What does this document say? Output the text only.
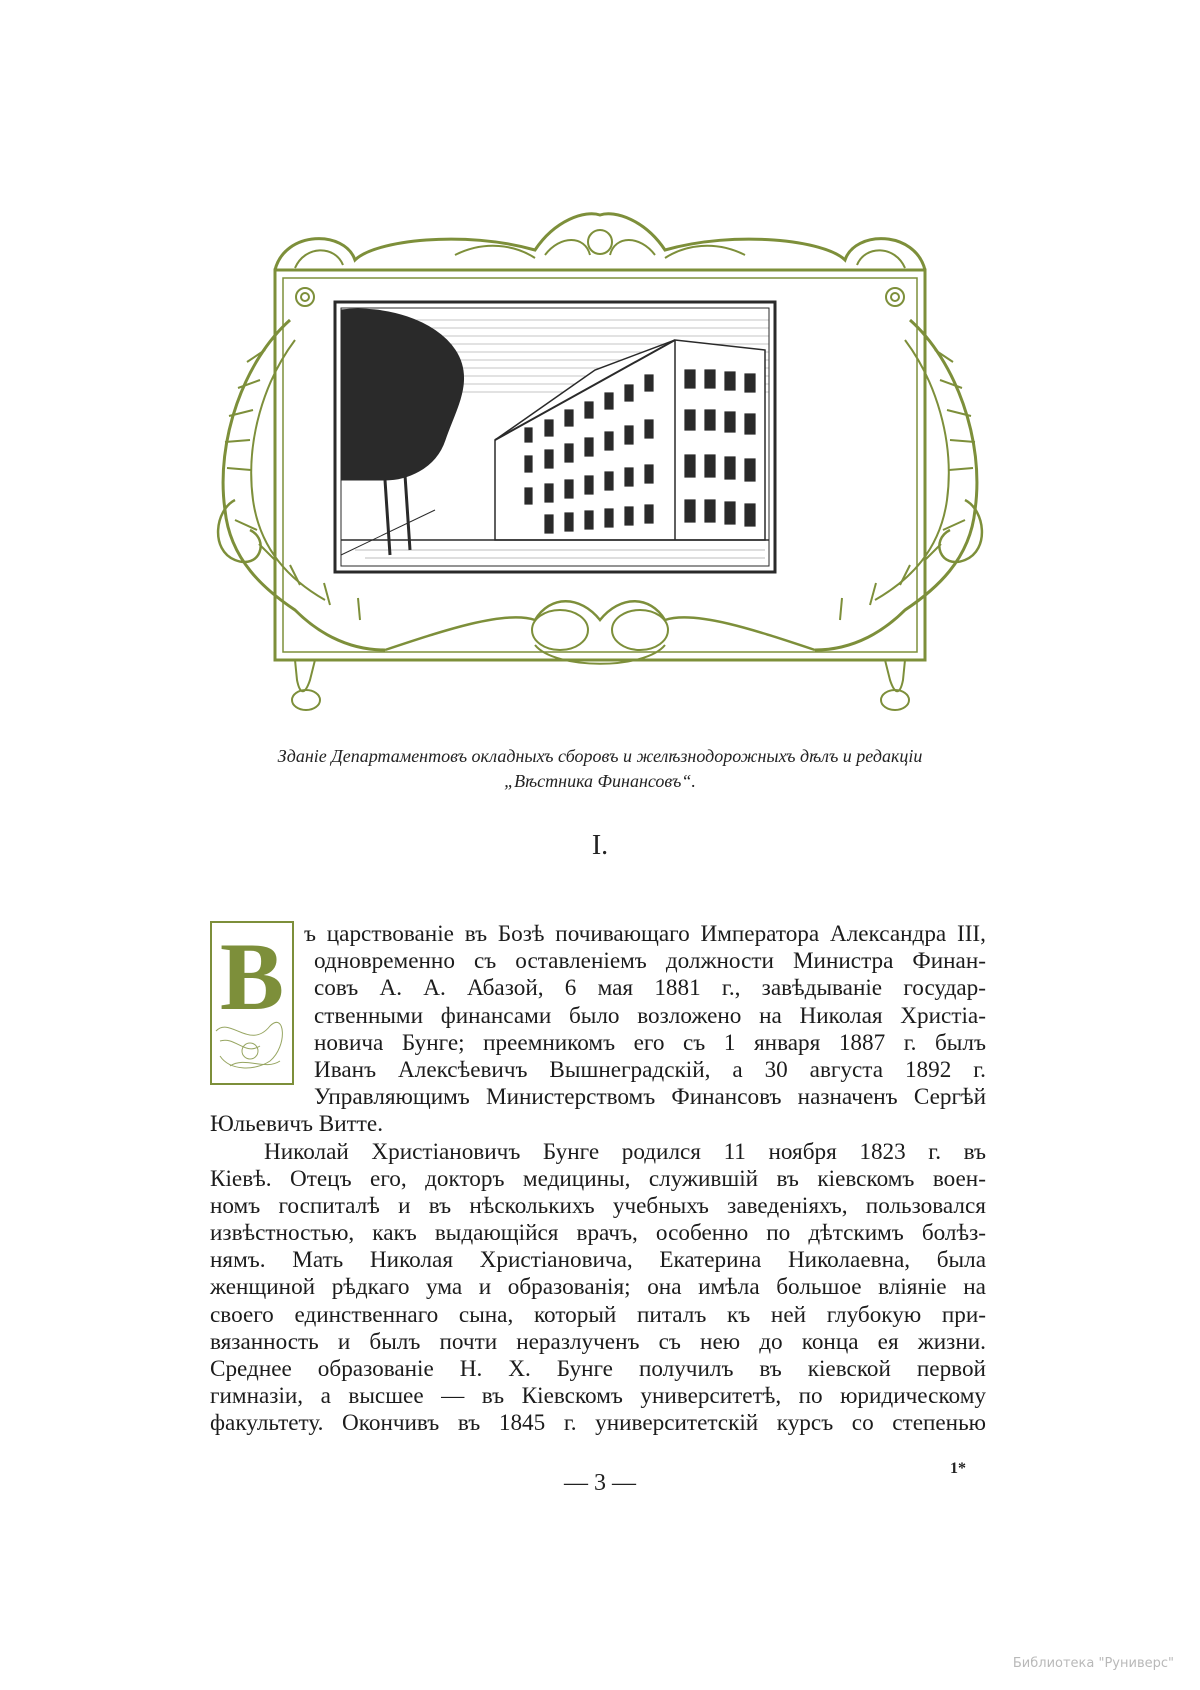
Зданіе Департаментовъ окладныхъ сборовъ и желѣзнодорожныхъ дѣлъ и редакціи
„Вѣстника Финансовъ“.
I.
В ъ царствованіе въ Бозѣ почивающаго Императора Александра III,
одновременно съ оставленіемъ должности Министра Финан-
совъ А. А. Абазой, 6 мая 1881 г., завѣдываніе государ-
ственными финансами было возложено на Николая Христіа-
новича Бунге; преемникомъ его съ 1 января 1887 г. былъ
Иванъ Алексѣевичъ Вышнеградскій, а 30 августа 1892 г.
Управляющимъ Министерствомъ Финансовъ назначенъ Сергѣй
Юльевичъ Витте.
Николай Христіановичъ Бунге родился 11 ноября 1823 г. въ
Кіевѣ. Отецъ его, докторъ медицины, служившій въ кіевскомъ воен-
номъ госпиталѣ и въ нѣсколькихъ учебныхъ заведеніяхъ, пользовался
извѣстностью, какъ выдающійся врачъ, особенно по дѣтскимъ болѣз-
нямъ. Мать Николая Христіановича, Екатерина Николаевна, была
женщиной рѣдкаго ума и образованія; она имѣла большое вліяніе на
своего единственнаго сына, который питалъ къ ней глубокую при-
вязанность и былъ почти неразлученъ съ нею до конца ея жизни.
Среднее образованіе Н. Х. Бунге получилъ въ кіевской первой
гимназіи, а высшее — въ Кіевскомъ университетѣ, по юридическому
факультету. Окончивъ въ 1845 г. университетскій курсъ со степенью
— 3 —
1*
Библиотека "Руниверс"
